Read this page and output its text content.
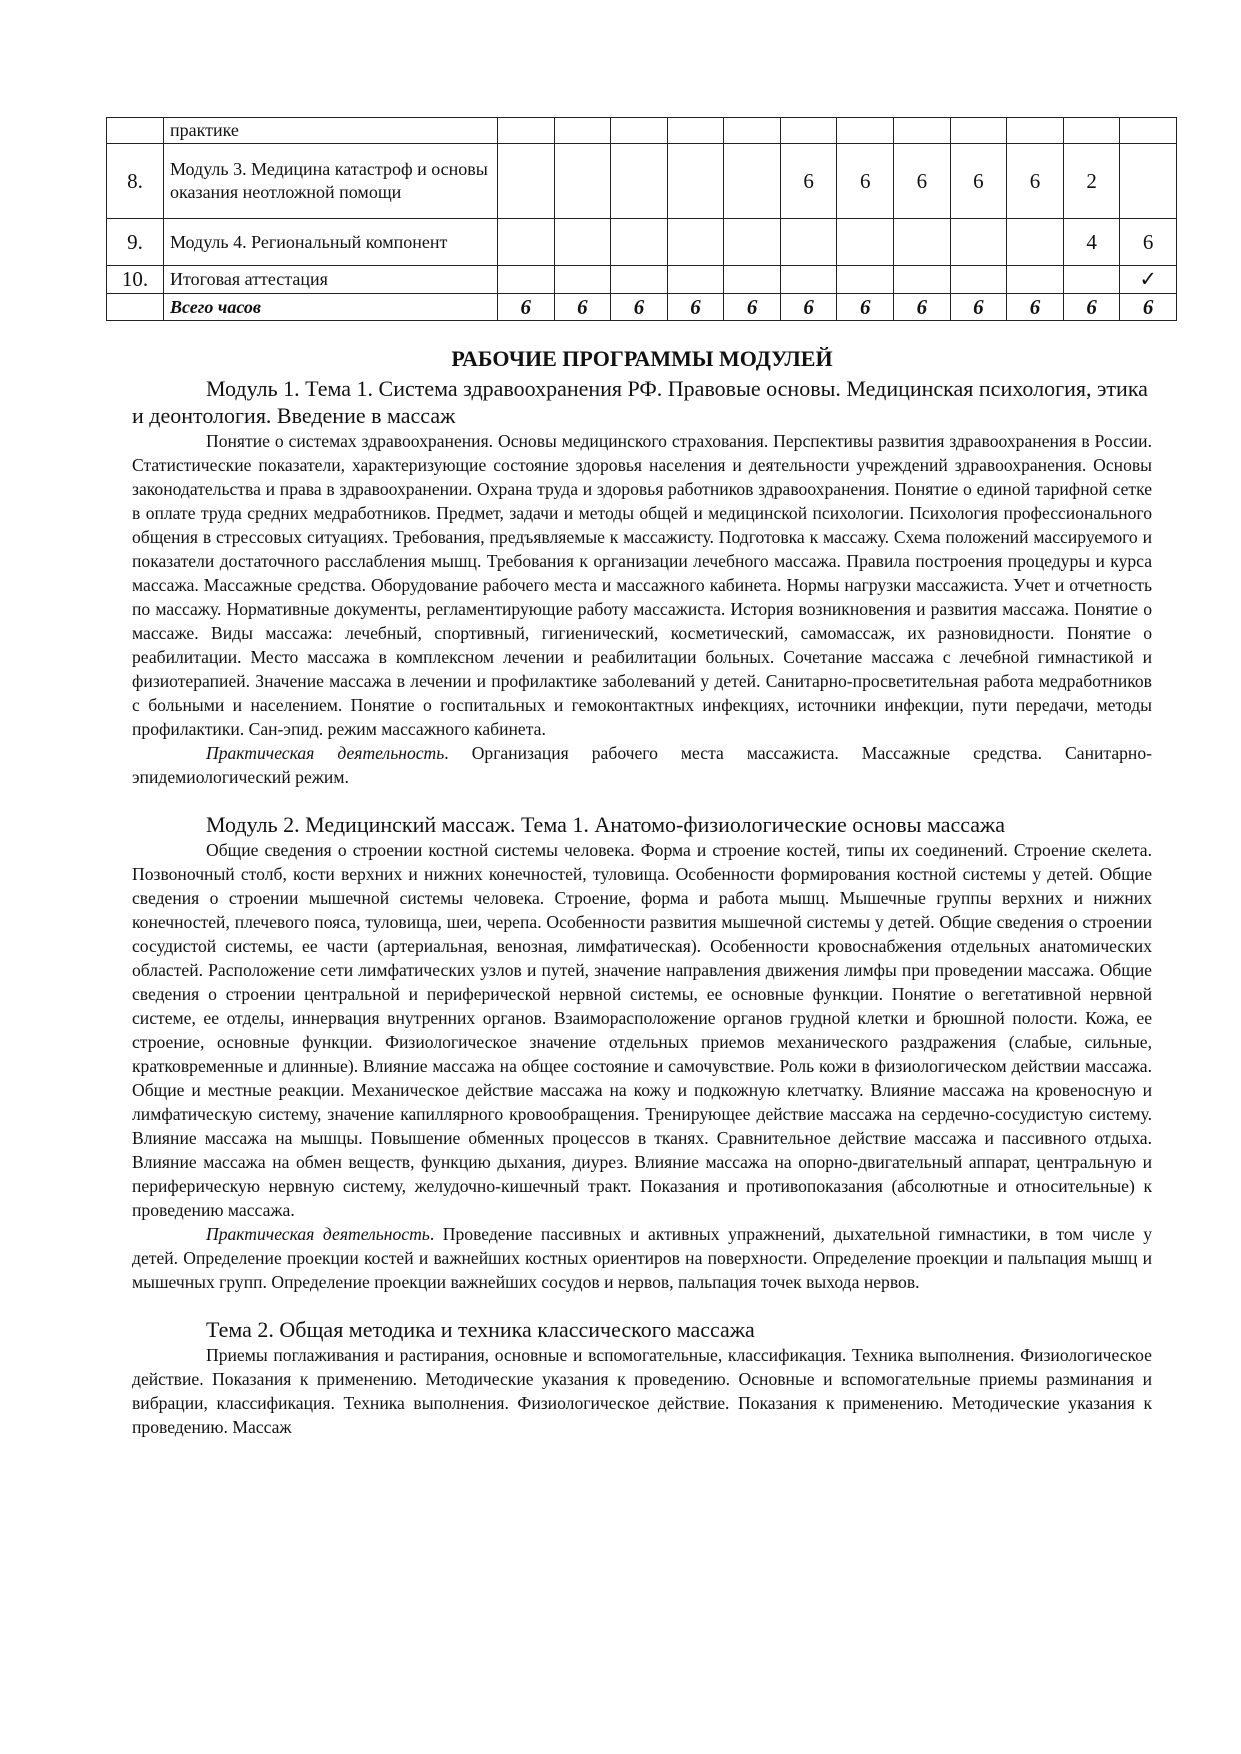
	практике												
8.	Модуль 3. Медицина катастроф и основы оказания неотложной помощи						6	6	6	6	6	2	
9.	Модуль 4. Региональный компонент											4	6
10.	Итоговая аттестация												✓
	Всего часов	6	6	6	6	6	6	6	6	6	6	6	6
РАБОЧИЕ ПРОГРАММЫ МОДУЛЕЙ
Модуль 1. Тема 1. Система здравоохранения РФ. Правовые основы. Медицинская психология, этика и деонтология. Введение в массаж

Понятие о системах здравоохранения. Основы медицинского страхования. Перспективы развития здравоохранения в России. Статистические показатели, характеризующие состояние здоровья населения и деятельности учреждений здравоохранения. Основы законодательства и права в здравоохранении. Охрана труда и здоровья работников здравоохранения. Понятие о единой тарифной сетке в оплате труда средних медработников. Предмет, задачи и методы общей и медицинской психологии. Психология профессионального общения в стрессовых ситуациях. Требования, предъявляемые к массажисту. Подготовка к массажу. Схема положений массируемого и показатели достаточного расслабления мышц. Требования к организации лечебного массажа. Правила построения процедуры и курса массажа. Массажные средства. Оборудование рабочего места и массажного кабинета. Нормы нагрузки массажиста. Учет и отчетность по массажу. Нормативные документы, регламентирующие работу массажиста. История возникновения и развития массажа. Понятие о массаже. Виды массажа: лечебный, спортивный, гигиенический, косметический, самомассаж, их разновидности. Понятие о реабилитации. Место массажа в комплексном лечении и реабилитации больных. Сочетание массажа с лечебной гимнастикой и физиотерапией. Значение массажа в лечении и профилактике заболеваний у детей. Санитарно-просветительная работа медработников с больными и населением. Понятие о госпитальных и гемоконтактных инфекциях, источники инфекции, пути передачи, методы профилактики. Сан-эпид. режим массажного кабинета.

Практическая деятельность. Организация рабочего места массажиста. Массажные средства. Санитарно-эпидемиологический режим.

Модуль 2. Медицинский массаж. Тема 1. Анатомо-физиологические основы массажа

Общие сведения о строении костной системы человека. Форма и строение костей, типы их соединений. Строение скелета. Позвоночный столб, кости верхних и нижних конечностей, туловища. Особенности формирования костной системы у детей. Общие сведения о строении мышечной системы человека. Строение, форма и работа мышц. Мышечные группы верхних и нижних конечностей, плечевого пояса, туловища, шеи, черепа. Особенности развития мышечной системы у детей. Общие сведения о строении сосудистой системы, ее части (артериальная, венозная, лимфатическая). Особенности кровоснабжения отдельных анатомических областей. Расположение сети лимфатических узлов и путей, значение направления движения лимфы при проведении массажа. Общие сведения о строении центральной и периферической нервной системы, ее основные функции. Понятие о вегетативной нервной системе, ее отделы, иннервация внутренних органов. Взаиморасположение органов грудной клетки и брюшной полости. Кожа, ее строение, основные функции. Физиологическое значение отдельных приемов механического раздражения (слабые, сильные, кратковременные и длинные). Влияние массажа на общее состояние и самочувствие. Роль кожи в физиологическом действии массажа. Общие и местные реакции. Механическое действие массажа на кожу и подкожную клетчатку. Влияние массажа на кровеносную и лимфатическую систему, значение капиллярного кровообращения. Тренирующее действие массажа на сердечно-сосудистую систему. Влияние массажа на мышцы. Повышение обменных процессов в тканях. Сравнительное действие массажа и пассивного отдыха. Влияние массажа на обмен веществ, функцию дыхания, диурез. Влияние массажа на опорно-двигательный аппарат, центральную и периферическую нервную систему, желудочно-кишечный тракт. Показания и противопоказания (абсолютные и относительные) к проведению массажа.

Практическая деятельность. Проведение пассивных и активных упражнений, дыхательной гимнастики, в том числе у детей. Определение проекции костей и важнейших костных ориентиров на поверхности. Определение проекции и пальпация мышц и мышечных групп. Определение проекции важнейших сосудов и нервов, пальпация точек выхода нервов.

Тема 2. Общая методика и техника классического массажа

Приемы поглаживания и растирания, основные и вспомогательные, классификация. Техника выполнения. Физиологическое действие. Показания к применению. Методические указания к проведению. Основные и вспомогательные приемы разминания и вибрации, классификация. Техника выполнения. Физиологическое действие. Показания к применению. Методические указания к проведению. Массаж
